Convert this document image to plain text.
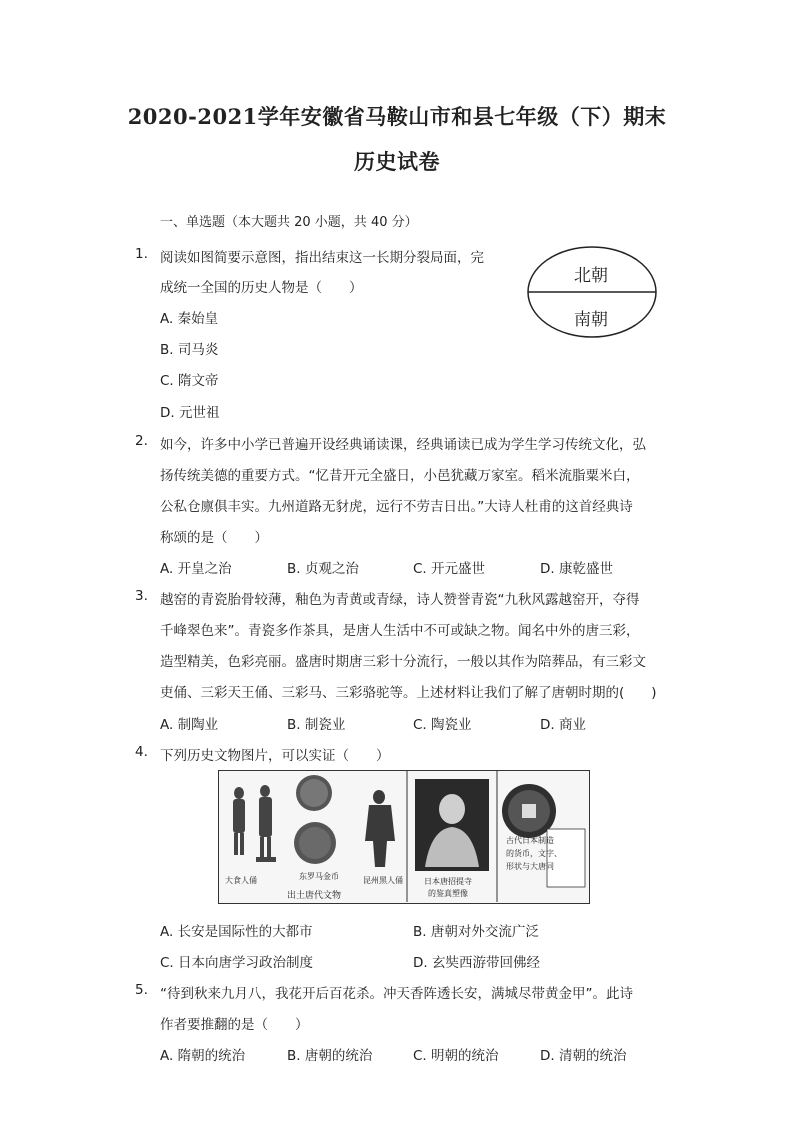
2020-2021学年安徽省马鞍山市和县七年级（下）期末
历史试卷
一、单选题（本大题共 20 小题，共 40 分）
1. 阅读如图简要示意图，指出结束这一长期分裂局面，完
成统一全国的历史人物是（　　）
A. 秦始皇
B. 司马炎
C. 隋文帝
D. 元世祖
北朝
南朝
2. 如今，许多中小学已普遍开设经典诵读课，经典诵读已成为学生学习传统文化，弘
扬传统美德的重要方式。“忆昔开元全盛日，小邑犹藏万家室。稻米流脂粟米白，
公私仓廪俱丰实。九州道路无豺虎，远行不劳吉日出。”大诗人杜甫的这首经典诗
称颂的是（　　）
A. 开皇之治	B. 贞观之治	C. 开元盛世	D. 康乾盛世
3. 越窑的青瓷胎骨较薄，釉色为青黄或青绿，诗人赞誉青瓷“九秋风露越窑开，夺得
千峰翠色来”。青瓷多作茶具，是唐人生活中不可或缺之物。闻名中外的唐三彩，
造型精美，色彩亮丽。盛唐时期唐三彩十分流行，一般以其作为陪葬品，有三彩文
吏俑、三彩天王俑、三彩马、三彩骆驼等。上述材料让我们了解了唐朝时期的(　　)
A. 制陶业	B. 制瓷业	C. 陶瓷业	D. 商业
4. 下列历史文物图片，可以实证（　　）
大食人俑	东罗马金币	昆州黑人俑
出土唐代文物
日本唐招提寺
的鉴真塑像
古代日本制造
的货币，文字、
形状与大唐同
A. 长安是国际性的大都市	B. 唐朝对外交流广泛
C. 日本向唐学习政治制度	D. 玄奘西游带回佛经
5. “待到秋来九月八，我花开后百花杀。冲天香阵透长安，满城尽带黄金甲”。此诗
作者要推翻的是（　　）
A. 隋朝的统治	B. 唐朝的统治	C. 明朝的统治	D. 清朝的统治
